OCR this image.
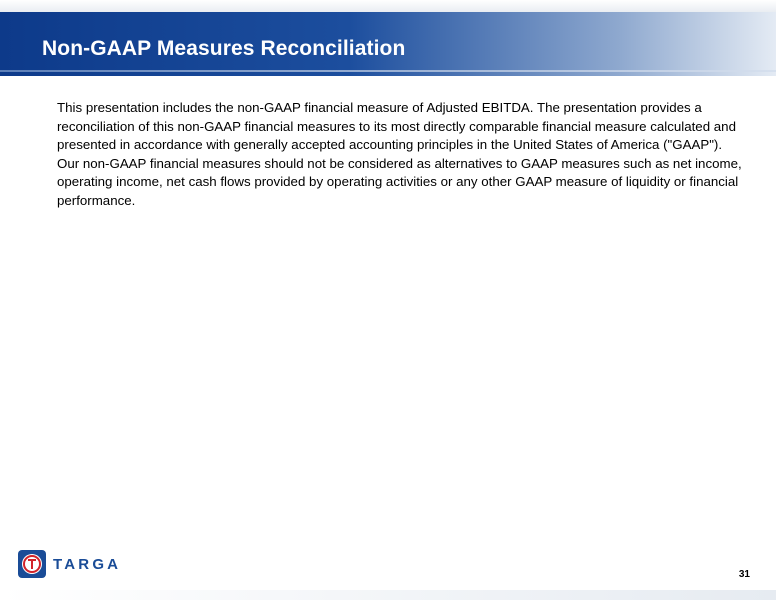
Non-GAAP Measures Reconciliation

This presentation includes the non-GAAP financial measure of Adjusted EBITDA. The presentation provides a reconciliation of this non-GAAP financial measures to its most directly comparable financial measure calculated and presented in accordance with generally accepted accounting principles in the United States of America ("GAAP"). Our non-GAAP financial measures should not be considered as alternatives to GAAP measures such as net income, operating income, net cash flows provided by operating activities or any other GAAP measure of liquidity or financial performance.

TARGA
31
